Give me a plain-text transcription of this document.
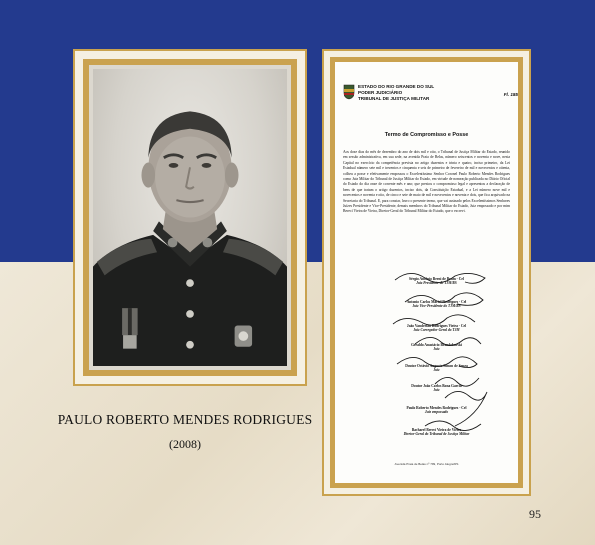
ESTADO DO RIO GRANDE DO SUL
PODER JUDICIÁRIO
TRIBUNAL DE JUSTIÇA MILITAR
Fl. 185
Termo de Compromisso e Posse
Aos doze dias do mês de dezembro do ano de dois mil e oito, o Tribunal de Justiça Militar do Estado, reunido em sessão administrativa, em sua sede, na avenida Praia de Belas, número seiscentos e noventa e nove, nesta Capital no exercício da competência prevista no artigo duzentos e trinta e quatro, inciso primeiro, da Lei Estadual número sete mil e trezentos e cinquenta e seis de primeiro de fevereiro de mil e novecentos e oitenta, colheu a posse e efetivamente empossou o Excelentíssimo Senhor Coronel Paulo Roberto Mendes Rodrigues como Juiz Militar do Tribunal de Justiça Militar do Estado, em virtude de nomeação publicada no Diário Oficial do Estado do dia onze de corrente mês e ano; que prestou o compromisso legal e apresentou a declaração de bens de que tratam o artigo duzentos, inciso dois, da Constituição Estadual, e a Lei número nove mil e novecentos e noventa e oito, de cinco e sete de maio de mil e novecentos e noventa e dois, que fica arquivado na Secretaria do Tribunal. E, para constar, lavro o presente termo, que vai assinado pelos Excelentíssimos Senhores Juízes Presidente e Vice-Presidente, demais membros do Tribunal Militar do Estado, Juiz empossado e por mim Berecí Vieira de Vieira, Diretor-Geral do Tribunal Militar do Estado, que o escrevi.
Sérgio Antônio Berni de Brum - Cel
Juiz Presidente do TJM/RS
Antonio Carlos Maciel Rodrigues - Cel
Juiz Vice-Presidente do TJM/RS
João Vanderlan Rodrigues Vieira - Cel
Juiz Corregedor-Geral do TJM
Geraldo Anastácio Brandeburski
Juiz
Doutor Octávio Augusto Simon de Souza
Juiz
Doutor João Carlos Bona Garcia
Juiz
Paulo Roberto Mendes Rodrigues - Cel
Juiz empossado
Bacharel Berecí Vieira de Vieira
Diretor-Geral do Tribunal de Justiça Militar
Avenida Praia de Belas nº 799, Porto Alegre/RS
PAULO ROBERTO MENDES RODRIGUES
(2008)
95
